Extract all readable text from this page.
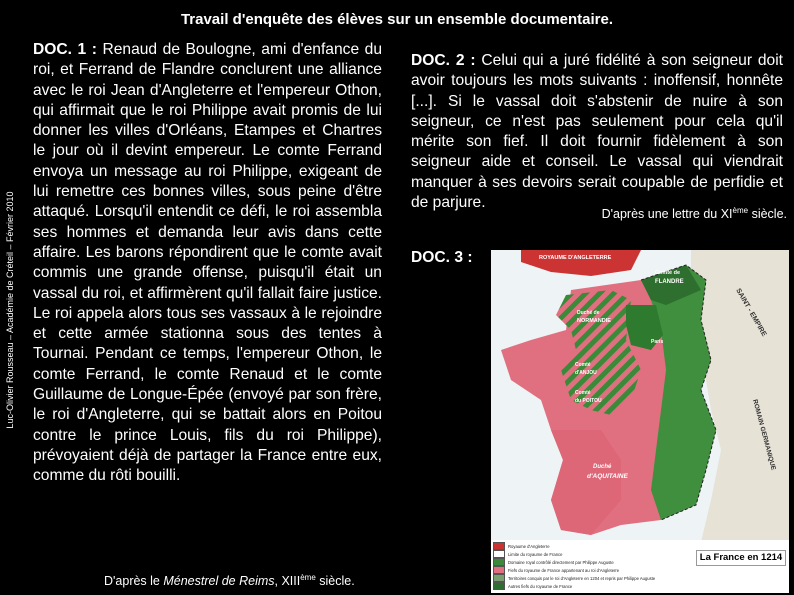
Travail d'enquête des élèves sur un ensemble documentaire.
Luc-Olivier Rousseau – Académie de Créteil – Février 2010
DOC. 1 : Renaud de Boulogne, ami d'enfance du roi, et Ferrand de Flandre conclurent une alliance avec le roi Jean d'Angleterre et l'empereur Othon, qui affirmait que le roi Philippe avait promis de lui donner les villes d'Orléans, Etampes et Chartres le jour où il devint empereur. Le comte Ferrand envoya un message au roi Philippe, exigeant de lui remettre ces bonnes villes, sous peine d'être attaqué. Lorsqu'il entendit ce défi, le roi assembla ses hommes et demanda leur avis dans cette affaire. Les barons répondirent que le comte avait commis une grande offense, puisqu'il était un vassal du roi, et affirmèrent qu'il fallait faire justice. Le roi appela alors tous ses vassaux à le rejoindre et cette armée stationna sous des tentes à Tournai. Pendant ce temps, l'empereur Othon, le comte Ferrand, le comte Renaud et le comte Guillaume de Longue-Épée (envoyé par son frère, le roi d'Angleterre, qui se battait alors en Poitou contre le prince Louis, fils du roi Philippe), prévoyaient déjà de partager la France entre eux, comme du rôti bouilli.
D'après le Ménestrel de Reims, XIIIème siècle.
DOC. 2 : Celui qui a juré fidélité à son seigneur doit avoir toujours les mots suivants : inoffensif, honnête [...]. Si le vassal doit s'abstenir de nuire à son seigneur, ce n'est pas seulement pour cela qu'il mérite son fief. Il doit fournir fidèlement à son seigneur aide et conseil. Le vassal qui viendrait manquer à ses devoirs serait coupable de perfidie et de parjure.
D'après une lettre du XIème siècle.
DOC. 3 :	ROYAUME D'ANGLETERRE
Comté de
FLANDRE
Duché de
NORMANDIE
Paris
Comté
d'ANJOU
Comté
du POITOU
Duché
d'AQUITAINE
SAINT - EMPIRE
ROMAIN GERMANIQUE
Royaume d'Angleterre
Limite du royaume de France
Domaine royal contrôlé directement par Philippe Auguste
Fiefs du royaume de France appartenant au roi d'Angleterre
Territoires conquis par le roi d'Angleterre en 1204 et repris par Philippe Auguste
Autres fiefs du royaume de France
La France en 1214
